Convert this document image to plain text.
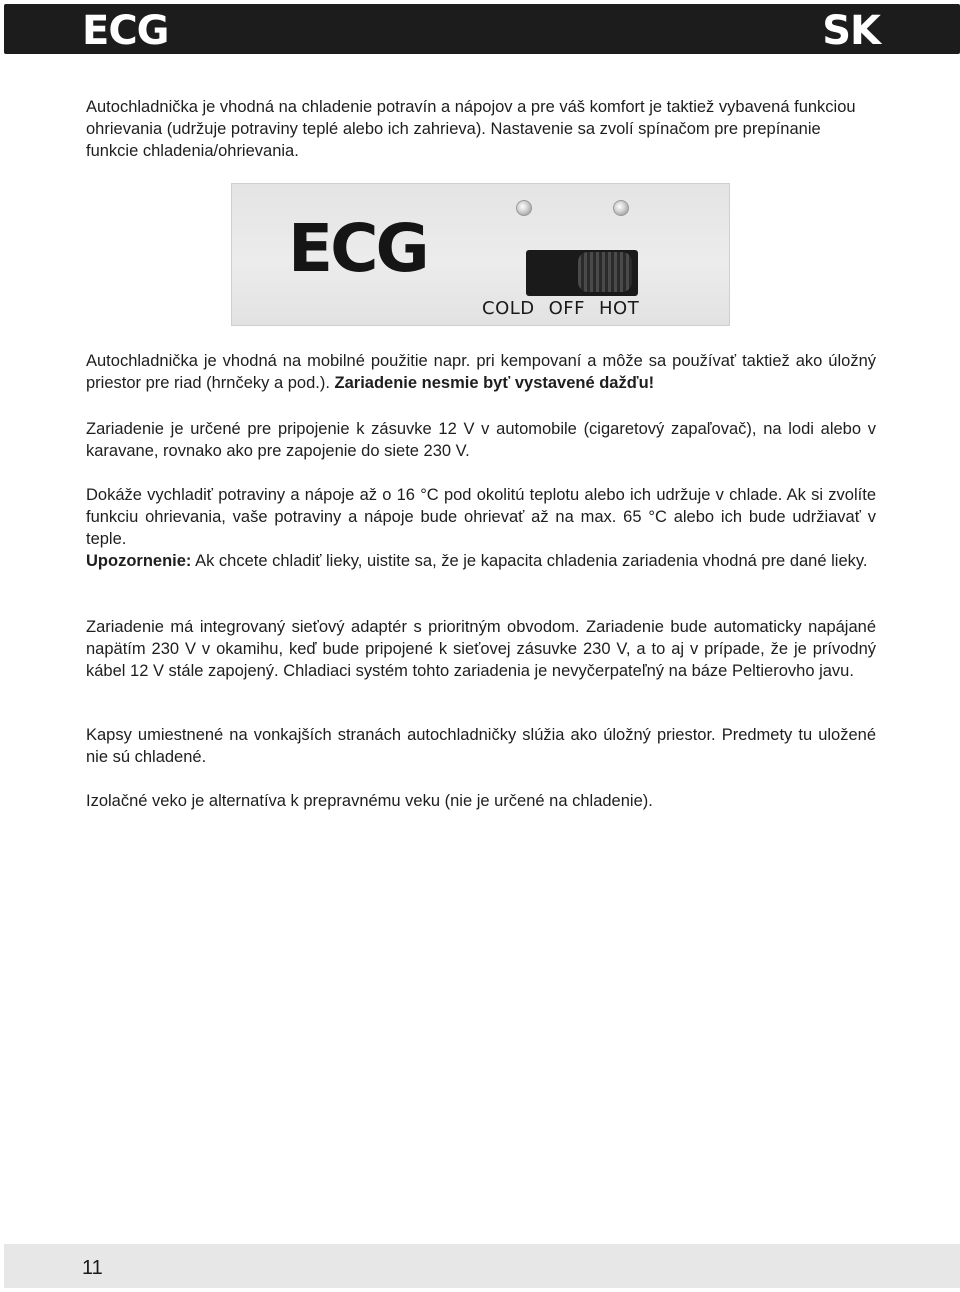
ECG	SK

Autochladnička je vhodná na chladenie potravín a nápojov a pre váš komfort je taktiež vybavená funkciou ohrievania (udržuje potraviny teplé alebo ich zahrieva). Nastavenie sa zvolí spínačom pre prepínanie funkcie chladenia/ohrievania.

Autochladnička je vhodná na mobilné použitie napr. pri kempovaní a môže sa používať taktiež ako úložný priestor pre riad (hrnčeky a pod.). Zariadenie nesmie byť vystavené dažďu!

Zariadenie je určené pre pripojenie k zásuvke 12 V v automobile (cigaretový zapaľovač), na lodi alebo v karavane, rovnako ako pre zapojenie do siete 230 V.

Dokáže vychladiť potraviny a nápoje až o 16 °C pod okolitú teplotu alebo ich udržuje v chlade. Ak si zvolíte funkciu ohrievania, vaše potraviny a nápoje bude ohrievať až na max. 65 °C alebo ich bude udržiavať v teple.
Upozornenie: Ak chcete chladiť lieky, uistite sa, že je kapacita chladenia zariadenia vhodná pre dané lieky.

Zariadenie má integrovaný sieťový adaptér s prioritným obvodom. Zariadenie bude automaticky napájané napätím 230 V v okamihu, keď bude pripojené k sieťovej zásuvke 230 V, a to aj v prípade, že je prívodný kábel 12 V stále zapojený. Chladiaci systém tohto zariadenia je nevyčerpateľný na báze Peltierovho javu.

Kapsy umiestnené na vonkajších stranách autochladničky slúžia ako úložný priestor. Predmety tu uložené nie sú chladené.

Izolačné veko je alternatíva k prepravnému veku (nie je určené na chladenie).

ECG
COLD OFF HOT
11
